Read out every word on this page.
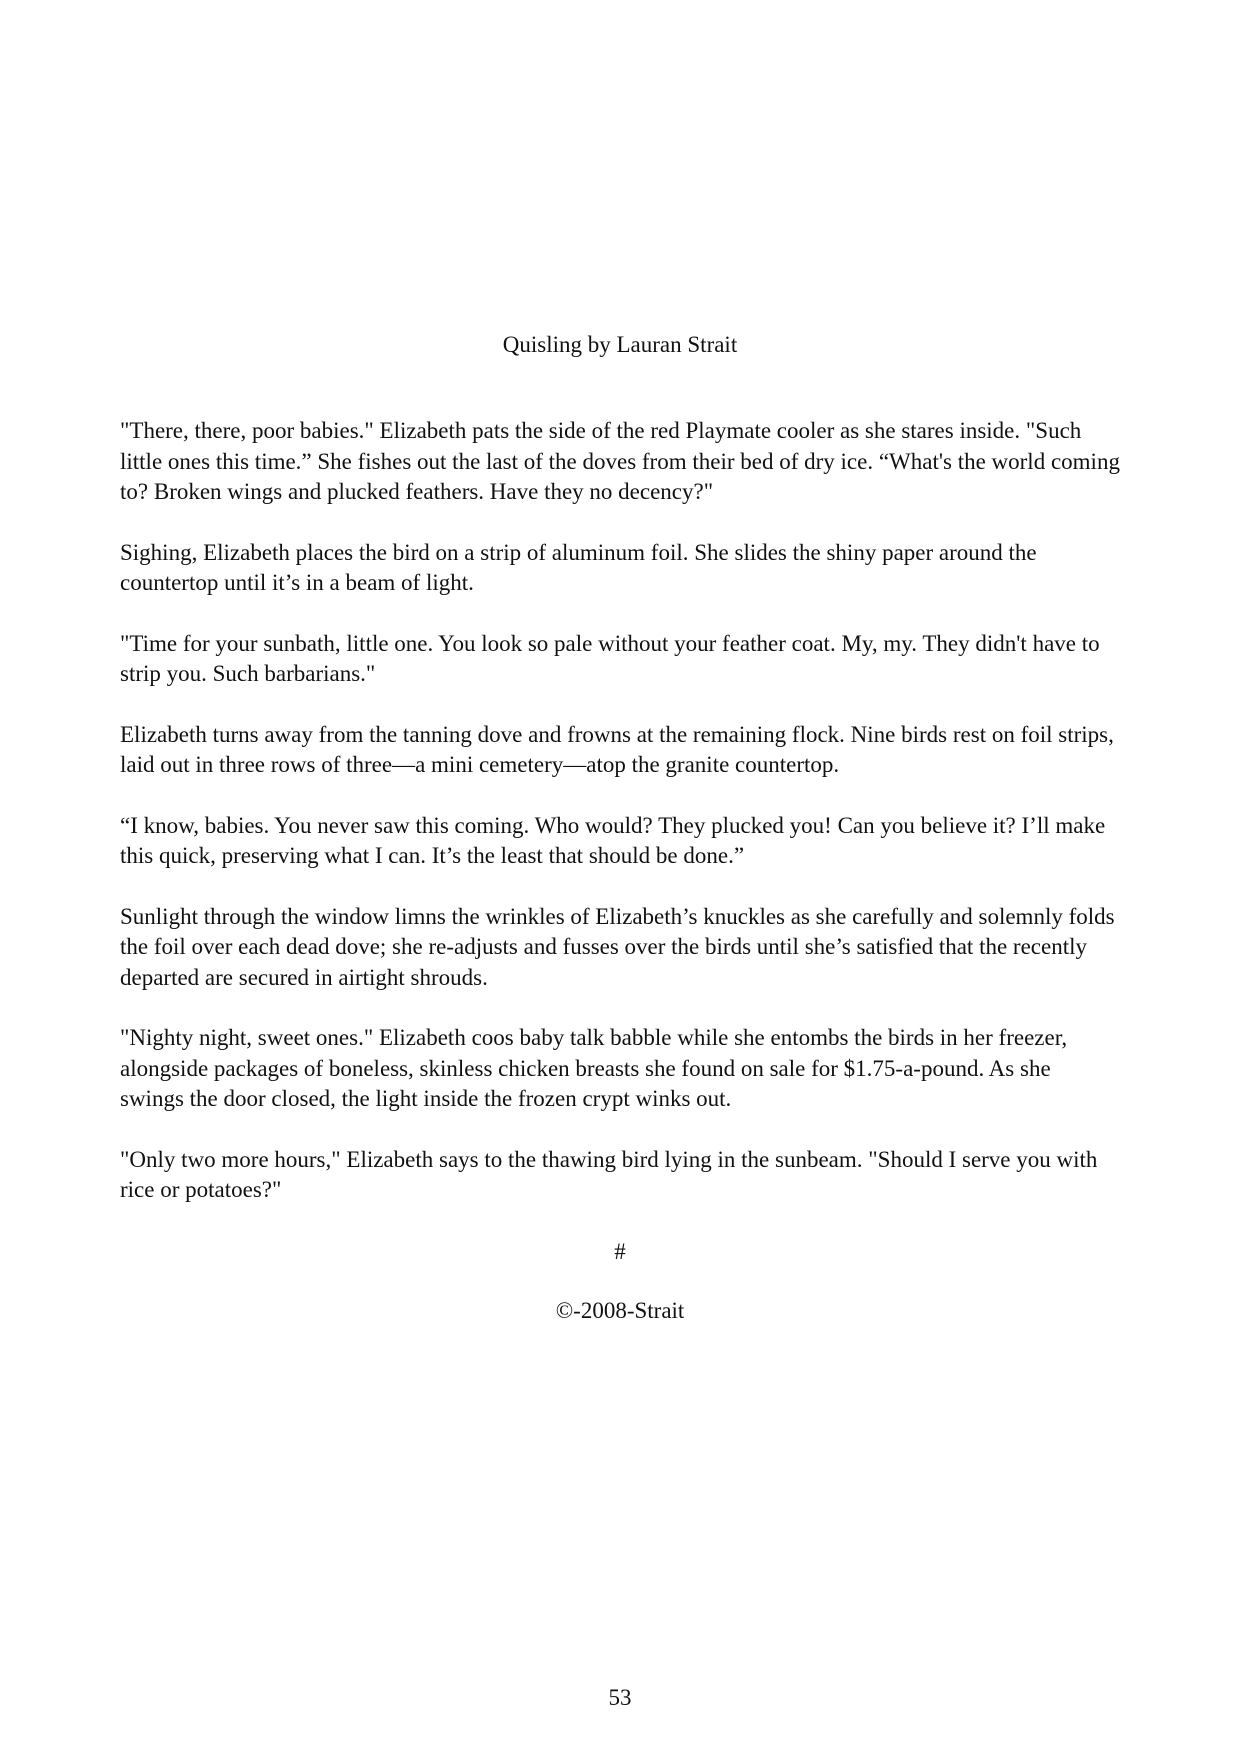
Quisling by Lauran Strait

"There, there, poor babies." Elizabeth pats the side of the red Playmate cooler as she stares inside. "Such little ones this time.” She fishes out the last of the doves from their bed of dry ice. “What's the world coming to? Broken wings and plucked feathers. Have they no decency?"

Sighing, Elizabeth places the bird on a strip of aluminum foil. She slides the shiny paper around the countertop until it’s in a beam of light.

"Time for your sunbath, little one. You look so pale without your feather coat. My, my. They didn't have to strip you. Such barbarians."

Elizabeth turns away from the tanning dove and frowns at the remaining flock. Nine birds rest on foil strips, laid out in three rows of three—a mini cemetery—atop the granite countertop.

“I know, babies. You never saw this coming. Who would? They plucked you! Can you believe it? I’ll make this quick, preserving what I can. It’s the least that should be done.”

Sunlight through the window limns the wrinkles of Elizabeth’s knuckles as she carefully and solemnly folds the foil over each dead dove; she re-adjusts and fusses over the birds until she’s satisfied that the recently departed are secured in airtight shrouds.

"Nighty night, sweet ones." Elizabeth coos baby talk babble while she entombs the birds in her freezer, alongside packages of boneless, skinless chicken breasts she found on sale for $1.75-a-pound. As she swings the door closed, the light inside the frozen crypt winks out.

"Only two more hours," Elizabeth says to the thawing bird lying in the sunbeam. "Should I serve you with rice or potatoes?"

#
©-2008-Strait
53
